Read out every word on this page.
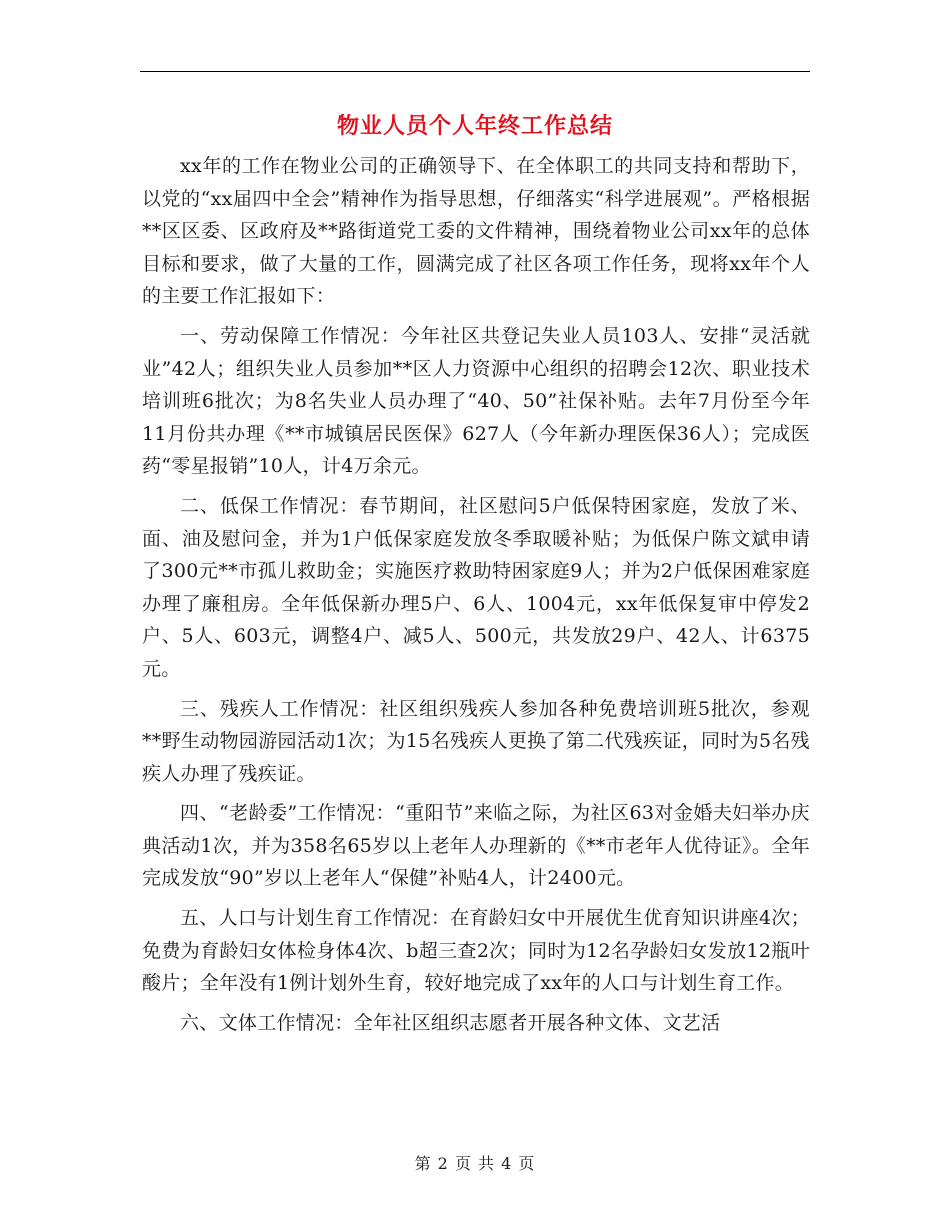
物业人员个人年终工作总结

xx年的工作在物业公司的正确领导下、在全体职工的共同支持和帮助下，以党的“xx届四中全会”精神作为指导思想，仔细落实“科学进展观”。严格根据**区区委、区政府及**路街道党工委的文件精神，围绕着物业公司xx年的总体目标和要求，做了大量的工作，圆满完成了社区各项工作任务，现将xx年个人的主要工作汇报如下：

一、劳动保障工作情况：今年社区共登记失业人员103人、安排“灵活就业”42人；组织失业人员参加**区人力资源中心组织的招聘会12次、职业技术培训班6批次；为8名失业人员办理了“40、50”社保补贴。去年7月份至今年11月份共办理《**市城镇居民医保》627人（今年新办理医保36人）；完成医药“零星报销”10人，计4万余元。

二、低保工作情况：春节期间，社区慰问5户低保特困家庭，发放了米、面、油及慰问金，并为1户低保家庭发放冬季取暖补贴；为低保户陈文斌申请了300元**市孤儿救助金；实施医疗救助特困家庭9人；并为2户低保困难家庭办理了廉租房。全年低保新办理5户、6人、1004元，xx年低保复审中停发2户、5人、603元，调整4户、减5人、500元，共发放29户、42人、计6375元。

三、残疾人工作情况：社区组织残疾人参加各种免费培训班5批次，参观**野生动物园游园活动1次；为15名残疾人更换了第二代残疾证，同时为5名残疾人办理了残疾证。

四、“老龄委”工作情况：“重阳节”来临之际，为社区63对金婚夫妇举办庆典活动1次，并为358名65岁以上老年人办理新的《**市老年人优待证》。全年完成发放“90”岁以上老年人“保健”补贴4人，计2400元。

五、人口与计划生育工作情况：在育龄妇女中开展优生优育知识讲座4次；免费为育龄妇女体检身体4次、b超三查2次；同时为12名孕龄妇女发放12瓶叶酸片；全年没有1例计划外生育，较好地完成了xx年的人口与计划生育工作。

六、文体工作情况：全年社区组织志愿者开展各种文体、文艺活

第 2 页 共 4 页
